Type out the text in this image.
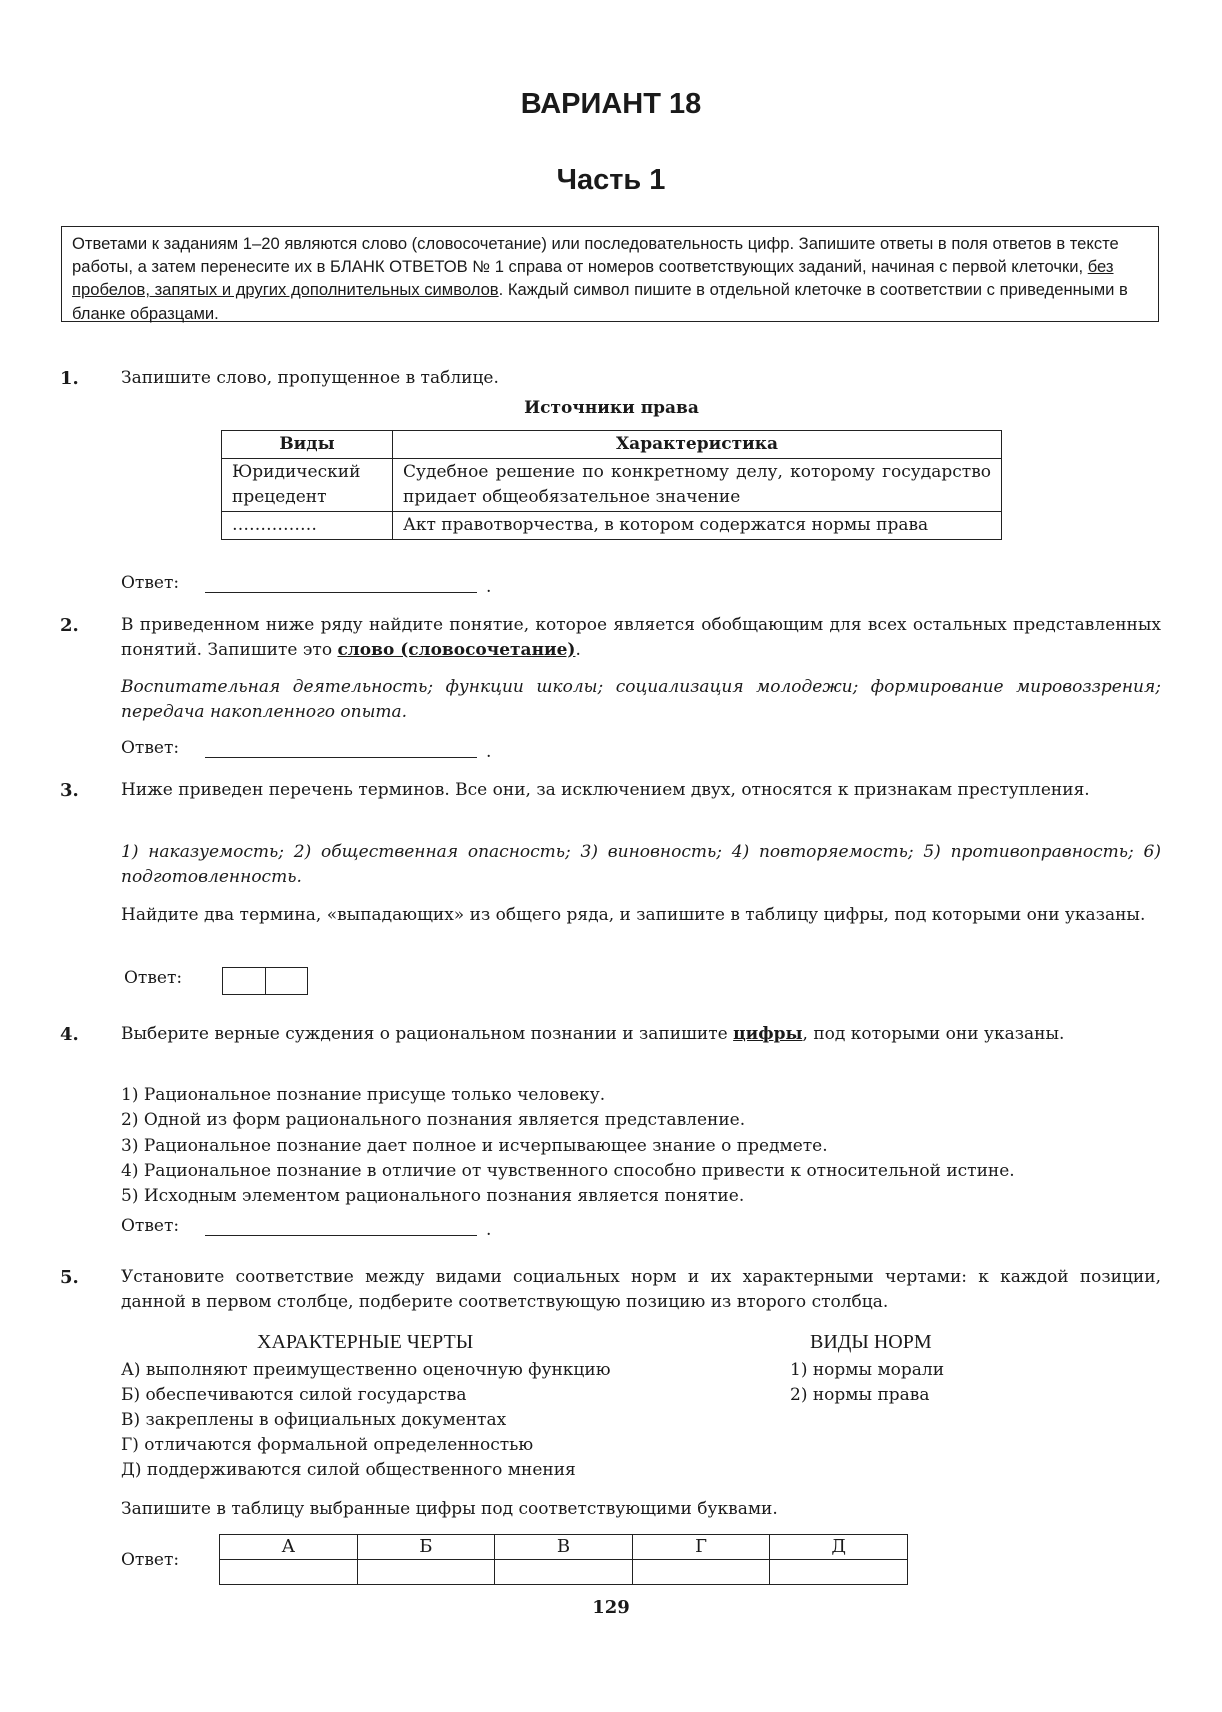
ВАРИАНТ 18
Часть 1
Ответами к заданиям 1–20 являются слово (словосочетание) или последовательность цифр. Запишите ответы в поля ответов в тексте работы, а затем перенесите их в БЛАНК ОТВЕТОВ № 1 справа от номеров соответствующих заданий, начиная с первой клеточки, без пробелов, запятых и других дополнительных символов. Каждый символ пишите в отдельной клеточке в соответствии с приведенными в бланке образцами.
1. Запишите слово, пропущенное в таблице.
Источники права
Виды	Характеристика
Юридический прецедент	Судебное решение по конкретному делу, которому государство придает общеобязательное значение
……………	Акт правотворчества, в котором содержатся нормы права
Ответ:	.
2. В приведенном ниже ряду найдите понятие, которое является обобщающим для всех остальных представленных понятий. Запишите это слово (словосочетание).
Воспитательная деятельность; функции школы; социализация молодежи; формирование мировоззрения; передача накопленного опыта.
Ответ:	.
3. Ниже приведен перечень терминов. Все они, за исключением двух, относятся к признакам преступления.
1) наказуемость; 2) общественная опасность; 3) виновность; 4) повторяемость; 5) противоправность; 6) подготовленность.
Найдите два термина, «выпадающих» из общего ряда, и запишите в таблицу цифры, под которыми они указаны.
Ответ:
4. Выберите верные суждения о рациональном познании и запишите цифры, под которыми они указаны.
1) Рациональное познание присуще только человеку.
2) Одной из форм рационального познания является представление.
3) Рациональное познание дает полное и исчерпывающее знание о предмете.
4) Рациональное познание в отличие от чувственного способно привести к относительной истине.
5) Исходным элементом рационального познания является понятие.
Ответ:	.
5. Установите соответствие между видами социальных норм и их характерными чертами: к каждой позиции, данной в первом столбце, подберите соответствующую позицию из второго столбца.
ХАРАКТЕРНЫЕ ЧЕРТЫ	ВИДЫ НОРМ
А) выполняют преимущественно оценочную функцию
Б) обеспечиваются силой государства
В) закреплены в официальных документах
Г) отличаются формальной определенностью
Д) поддерживаются силой общественного мнения
1) нормы морали
2) нормы права
Запишите в таблицу выбранные цифры под соответствующими буквами.
Ответ:
А	Б	В	Г	Д

129
